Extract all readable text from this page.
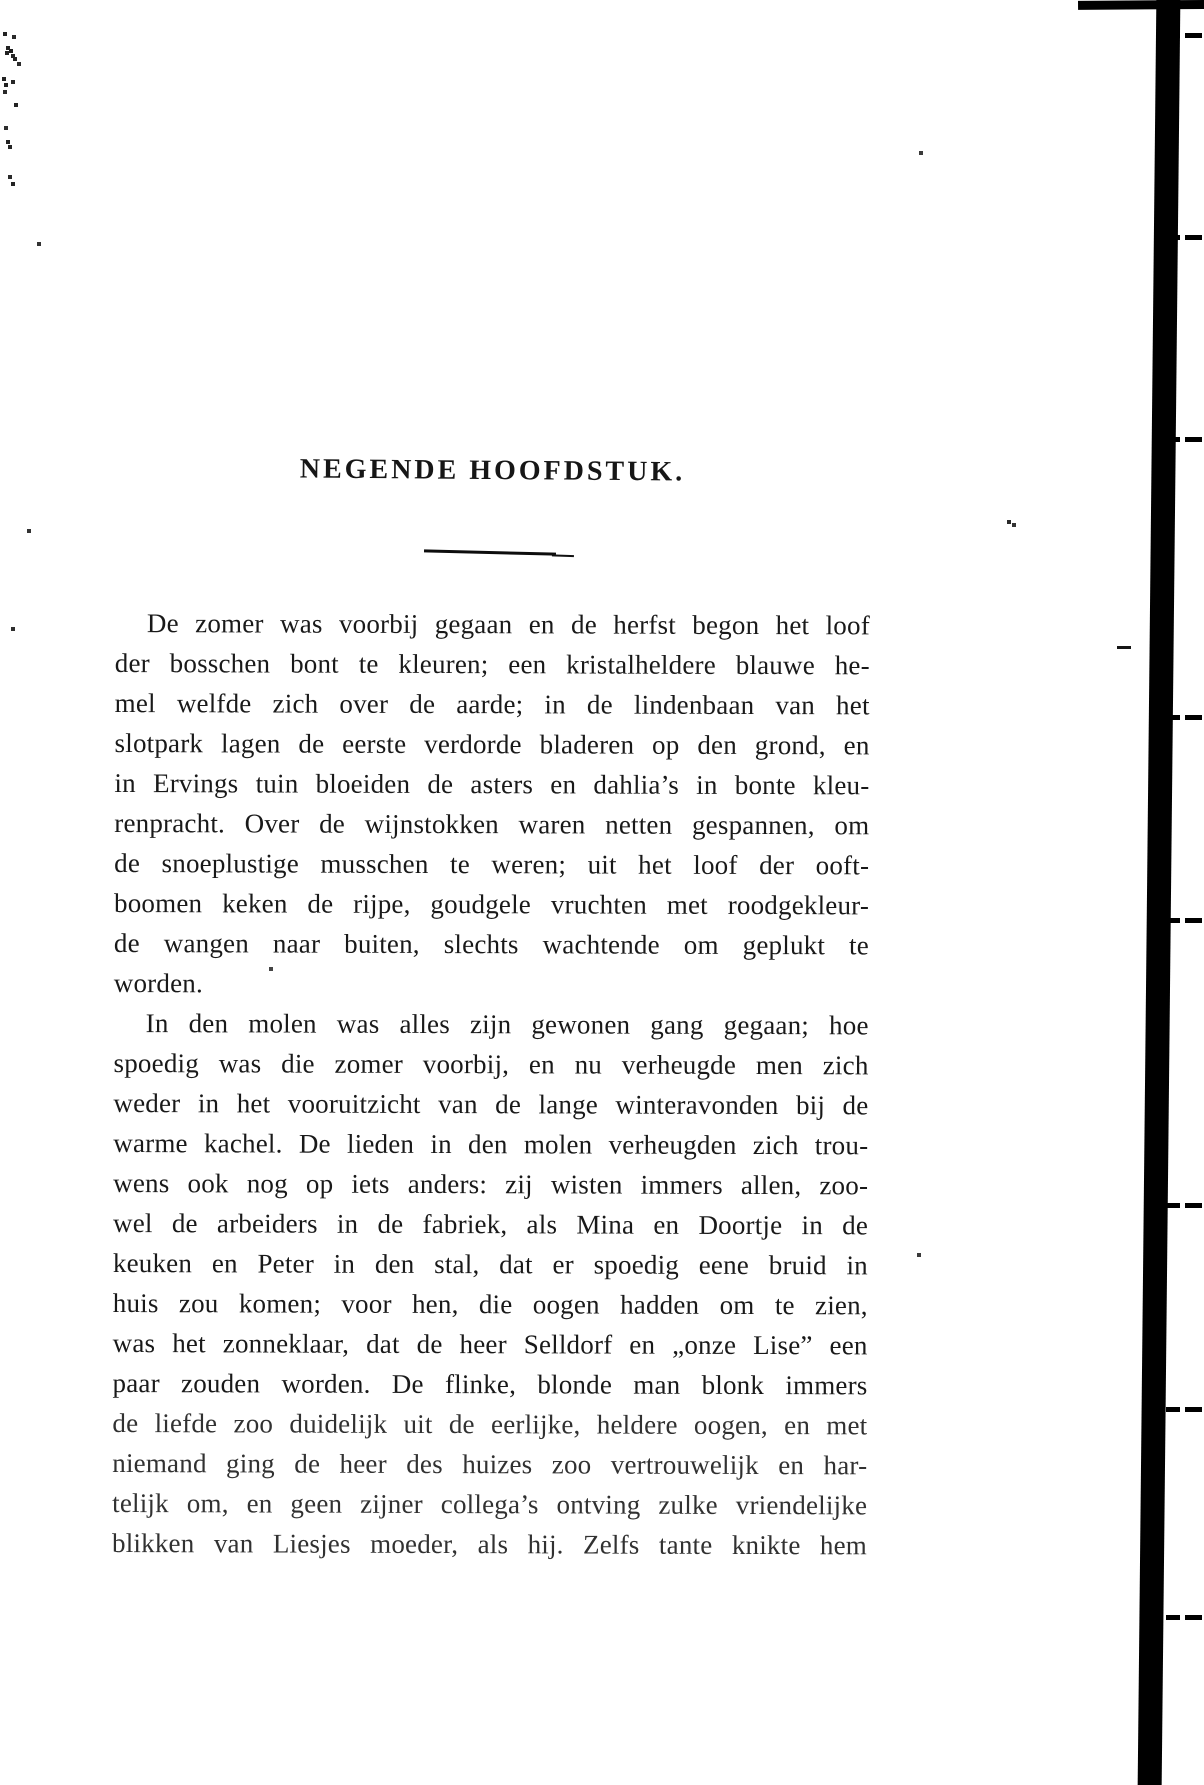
NEGENDE HOOFDSTUK.
De zomer was voorbij gegaan en de herfst begon het loof
der bosschen bont te kleuren; een kristalheldere blauwe he-
mel welfde zich over de aarde; in de lindenbaan van het
slotpark lagen de eerste verdorde bladeren op den grond, en
in Ervings tuin bloeiden de asters en dahlia’s in bonte kleu-
renpracht. Over de wijnstokken waren netten gespannen, om
de snoeplustige musschen te weren; uit het loof der ooft-
boomen keken de rijpe, goudgele vruchten met roodgekleur-
de wangen naar buiten, slechts wachtende om geplukt te
worden.
In den molen was alles zijn gewonen gang gegaan; hoe
spoedig was die zomer voorbij, en nu verheugde men zich
weder in het vooruitzicht van de lange winteravonden bij de
warme kachel. De lieden in den molen verheugden zich trou-
wens ook nog op iets anders: zij wisten immers allen, zoo-
wel de arbeiders in de fabriek, als Mina en Doortje in de
keuken en Peter in den stal, dat er spoedig eene bruid in
huis zou komen; voor hen, die oogen hadden om te zien,
was het zonneklaar, dat de heer Selldorf en „onze Lise” een
paar zouden worden. De flinke, blonde man blonk immers
de liefde zoo duidelijk uit de eerlijke, heldere oogen, en met
niemand ging de heer des huizes zoo vertrouwelijk en har-
telijk om, en geen zijner collega’s ontving zulke vriendelijke
blikken van Liesjes moeder, als hij. Zelfs tante knikte hem
